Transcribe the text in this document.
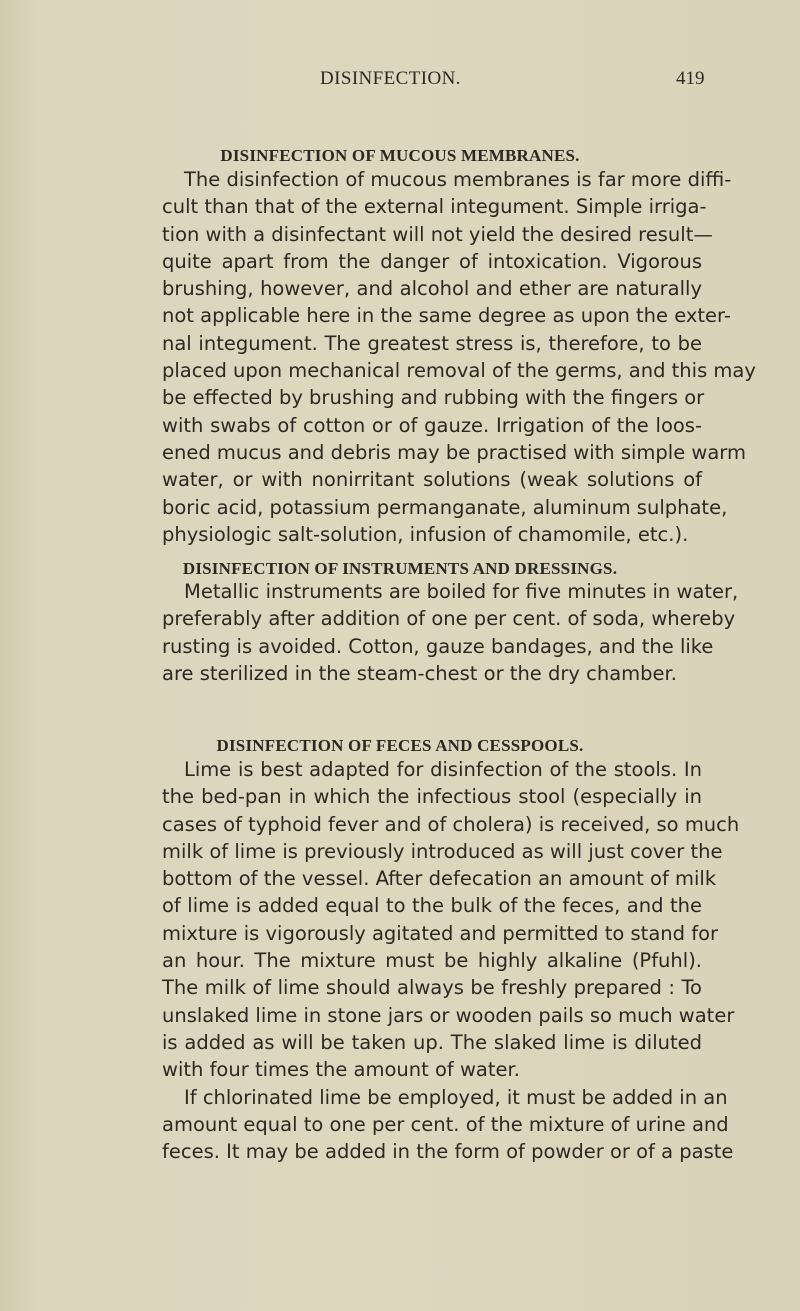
DISINFECTION.	419
DISINFECTION OF MUCOUS MEMBRANES.
The disinfection of mucous membranes is far more diffi-
cult than that of the external integument. Simple irriga-
tion with a disinfectant will not yield the desired result—
quite apart from the danger of intoxication. Vigorous
brushing, however, and alcohol and ether are naturally
not applicable here in the same degree as upon the exter-
nal integument. The greatest stress is, therefore, to be
placed upon mechanical removal of the germs, and this may
be effected by brushing and rubbing with the fingers or
with swabs of cotton or of gauze. Irrigation of the loos-
ened mucus and debris may be practised with simple warm
water, or with nonirritant solutions (weak solutions of
boric acid, potassium permanganate, aluminum sulphate,
physiologic salt-solution, infusion of chamomile, etc.).
DISINFECTION OF INSTRUMENTS AND DRESSINGS.
Metallic instruments are boiled for five minutes in water,
preferably after addition of one per cent. of soda, whereby
rusting is avoided. Cotton, gauze bandages, and the like
are sterilized in the steam-chest or the dry chamber.
DISINFECTION OF FECES AND CESSPOOLS.
Lime is best adapted for disinfection of the stools. In
the bed-pan in which the infectious stool (especially in
cases of typhoid fever and of cholera) is received, so much
milk of lime is previously introduced as will just cover the
bottom of the vessel. After defecation an amount of milk
of lime is added equal to the bulk of the feces, and the
mixture is vigorously agitated and permitted to stand for
an hour. The mixture must be highly alkaline (Pfuhl).
The milk of lime should always be freshly prepared : To
unslaked lime in stone jars or wooden pails so much water
is added as will be taken up. The slaked lime is diluted
with four times the amount of water.
If chlorinated lime be employed, it must be added in an
amount equal to one per cent. of the mixture of urine and
feces. It may be added in the form of powder or of a paste
